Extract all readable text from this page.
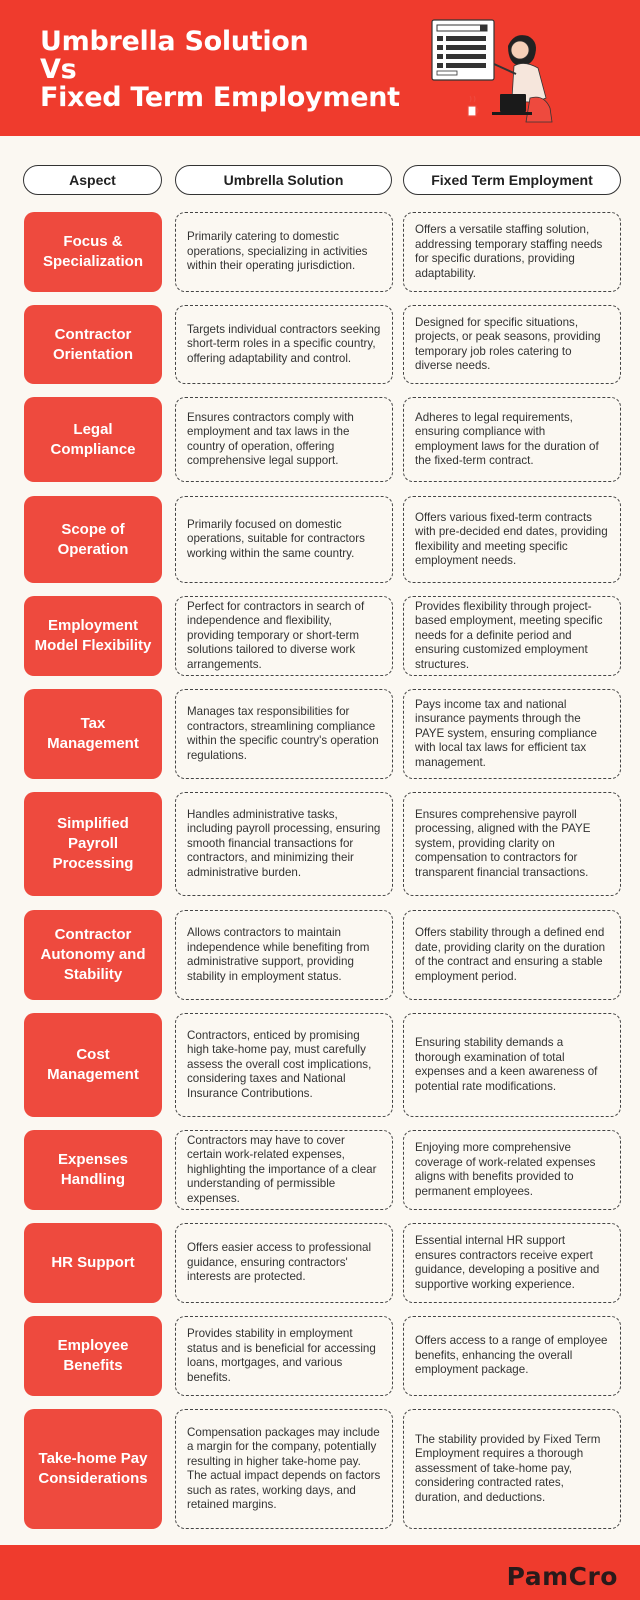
Umbrella Solution
Vs
Fixed Term Employment
Aspect	Umbrella Solution	Fixed Term Employment
Focus & Specialization
Primarily catering to domestic operations, specializing in activities within their operating jurisdiction.
Offers a versatile staffing solution, addressing temporary staffing needs for specific durations, providing adaptability.
Contractor Orientation
Targets individual contractors seeking short-term roles in a specific country, offering adaptability and control.
Designed for specific situations, projects, or peak seasons, providing temporary job roles catering to diverse needs.
Legal Compliance
Ensures contractors comply with employment and tax laws in the country of operation, offering comprehensive legal support.
Adheres to legal requirements, ensuring compliance with employment laws for the duration of the fixed-term contract.
Scope of Operation
Primarily focused on domestic operations, suitable for contractors working within the same country.
Offers various fixed-term contracts with pre-decided end dates, providing flexibility and meeting specific employment needs.
Employment Model Flexibility
Perfect for contractors in search of independence and flexibility, providing temporary or short-term solutions tailored to diverse work arrangements.
Provides flexibility through project-based employment, meeting specific needs for a definite period and ensuring customized employment structures.
Tax Management
Manages tax responsibilities for contractors, streamlining compliance within the specific country's operation regulations.
Pays income tax and national insurance payments through the PAYE system, ensuring compliance with local tax laws for efficient tax management.
Simplified Payroll Processing
Handles administrative tasks, including payroll processing, ensuring smooth financial transactions for contractors, and minimizing their administrative burden.
Ensures comprehensive payroll processing, aligned with the PAYE system, providing clarity on compensation to contractors for transparent financial transactions.
Contractor Autonomy and Stability
Allows contractors to maintain independence while benefiting from administrative support, providing stability in employment status.
Offers stability through a defined end date, providing clarity on the duration of the contract and ensuring a stable employment period.
Cost Management
Contractors, enticed by promising high take-home pay, must carefully assess the overall cost implications, considering taxes and National Insurance Contributions.
Ensuring stability demands a thorough examination of total expenses and a keen awareness of potential rate modifications.
Expenses Handling
Contractors may have to cover certain work-related expenses, highlighting the importance of a clear understanding of permissible expenses.
Enjoying more comprehensive coverage of work-related expenses aligns with benefits provided to permanent employees.
HR Support
Offers easier access to professional guidance, ensuring contractors' interests are protected.
Essential internal HR support ensures contractors receive expert guidance, developing a positive and supportive working experience.
Employee Benefits
Provides stability in employment status and is beneficial for accessing loans, mortgages, and various benefits.
Offers access to a range of employee benefits, enhancing the overall employment package.
Take-home Pay Considerations
Compensation packages may include a margin for the company, potentially resulting in higher take-home pay. The actual impact depends on factors such as rates, working days, and retained margins.
The stability provided by Fixed Term Employment requires a thorough assessment of take-home pay, considering contracted rates, duration, and deductions.
PamCro
